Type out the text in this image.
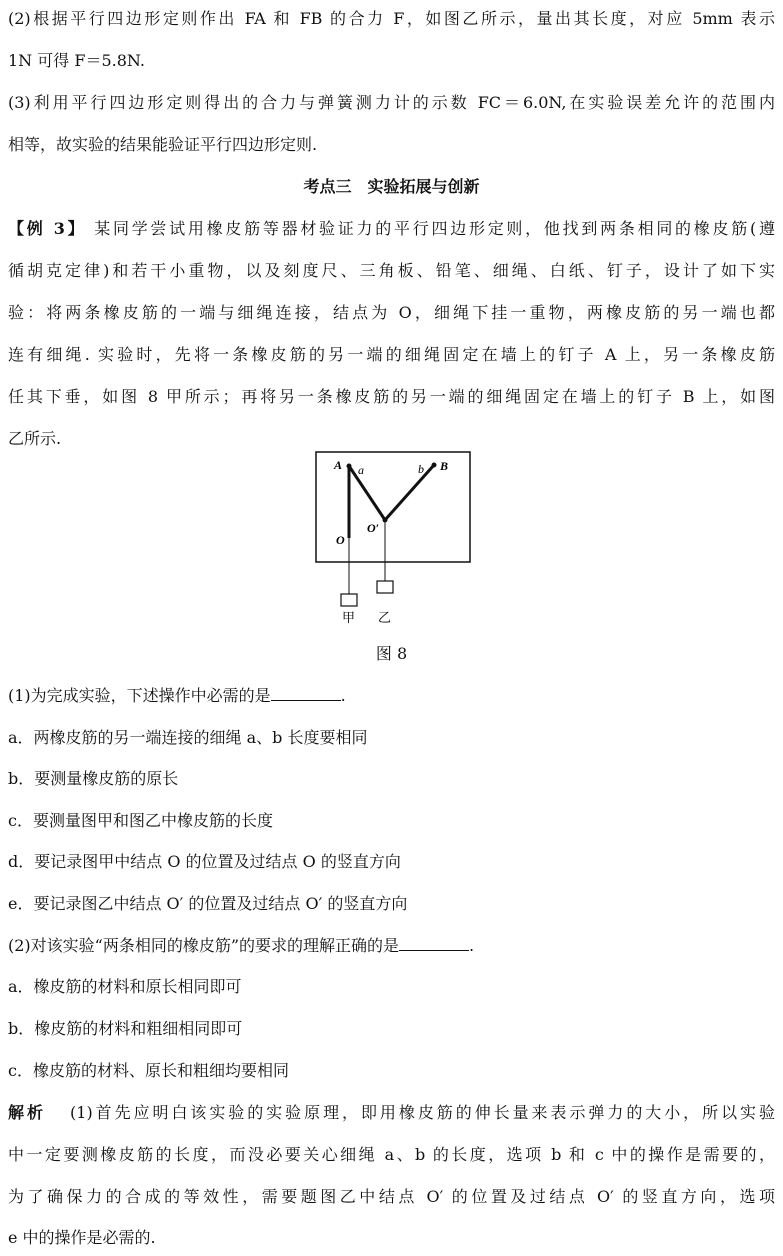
(2)根据平行四边形定则作出 FA 和 FB 的合力 F，如图乙所示，量出其长度，对应 5mm 表示
1N 可得 F＝5.8N.
(3)利用平行四边形定则得出的合力与弹簧测力计的示数 FC＝6.0N,在实验误差允许的范围内
相等，故实验的结果能验证平行四边形定则.
考点三　实验拓展与创新
【例 3】 某同学尝试用橡皮筋等器材验证力的平行四边形定则，他找到两条相同的橡皮筋(遵
循胡克定律)和若干小重物，以及刻度尺、三角板、铅笔、细绳、白纸、钉子，设计了如下实
验：将两条橡皮筋的一端与细绳连接，结点为 O，细绳下挂一重物，两橡皮筋的另一端也都
连有细绳. 实验时，先将一条橡皮筋的另一端的细绳固定在墙上的钉子 A 上，另一条橡皮筋
任其下垂，如图 8 甲所示；再将另一条橡皮筋的另一端的细绳固定在墙上的钉子 B 上，如图
乙所示.
A a	b B
O
O′
甲 乙
图 8
(1)为完成实验，下述操作中必需的是	.
a．两橡皮筋的另一端连接的细绳 a、b 长度要相同
b．要测量橡皮筋的原长
c．要测量图甲和图乙中橡皮筋的长度
d．要记录图甲中结点 O 的位置及过结点 O 的竖直方向
e．要记录图乙中结点 O′ 的位置及过结点 O′ 的竖直方向
(2)对该实验“两条相同的橡皮筋”的要求的理解正确的是	.
a．橡皮筋的材料和原长相同即可
b．橡皮筋的材料和粗细相同即可
c．橡皮筋的材料、原长和粗细均要相同
解析 (1)首先应明白该实验的实验原理，即用橡皮筋的伸长量来表示弹力的大小，所以实验
中一定要测橡皮筋的长度，而没必要关心细绳 a、b 的长度，选项 b 和 c 中的操作是需要的，
为了确保力的合成的等效性，需要题图乙中结点 O′ 的位置及过结点 O′ 的竖直方向，选项
e 中的操作是必需的.
